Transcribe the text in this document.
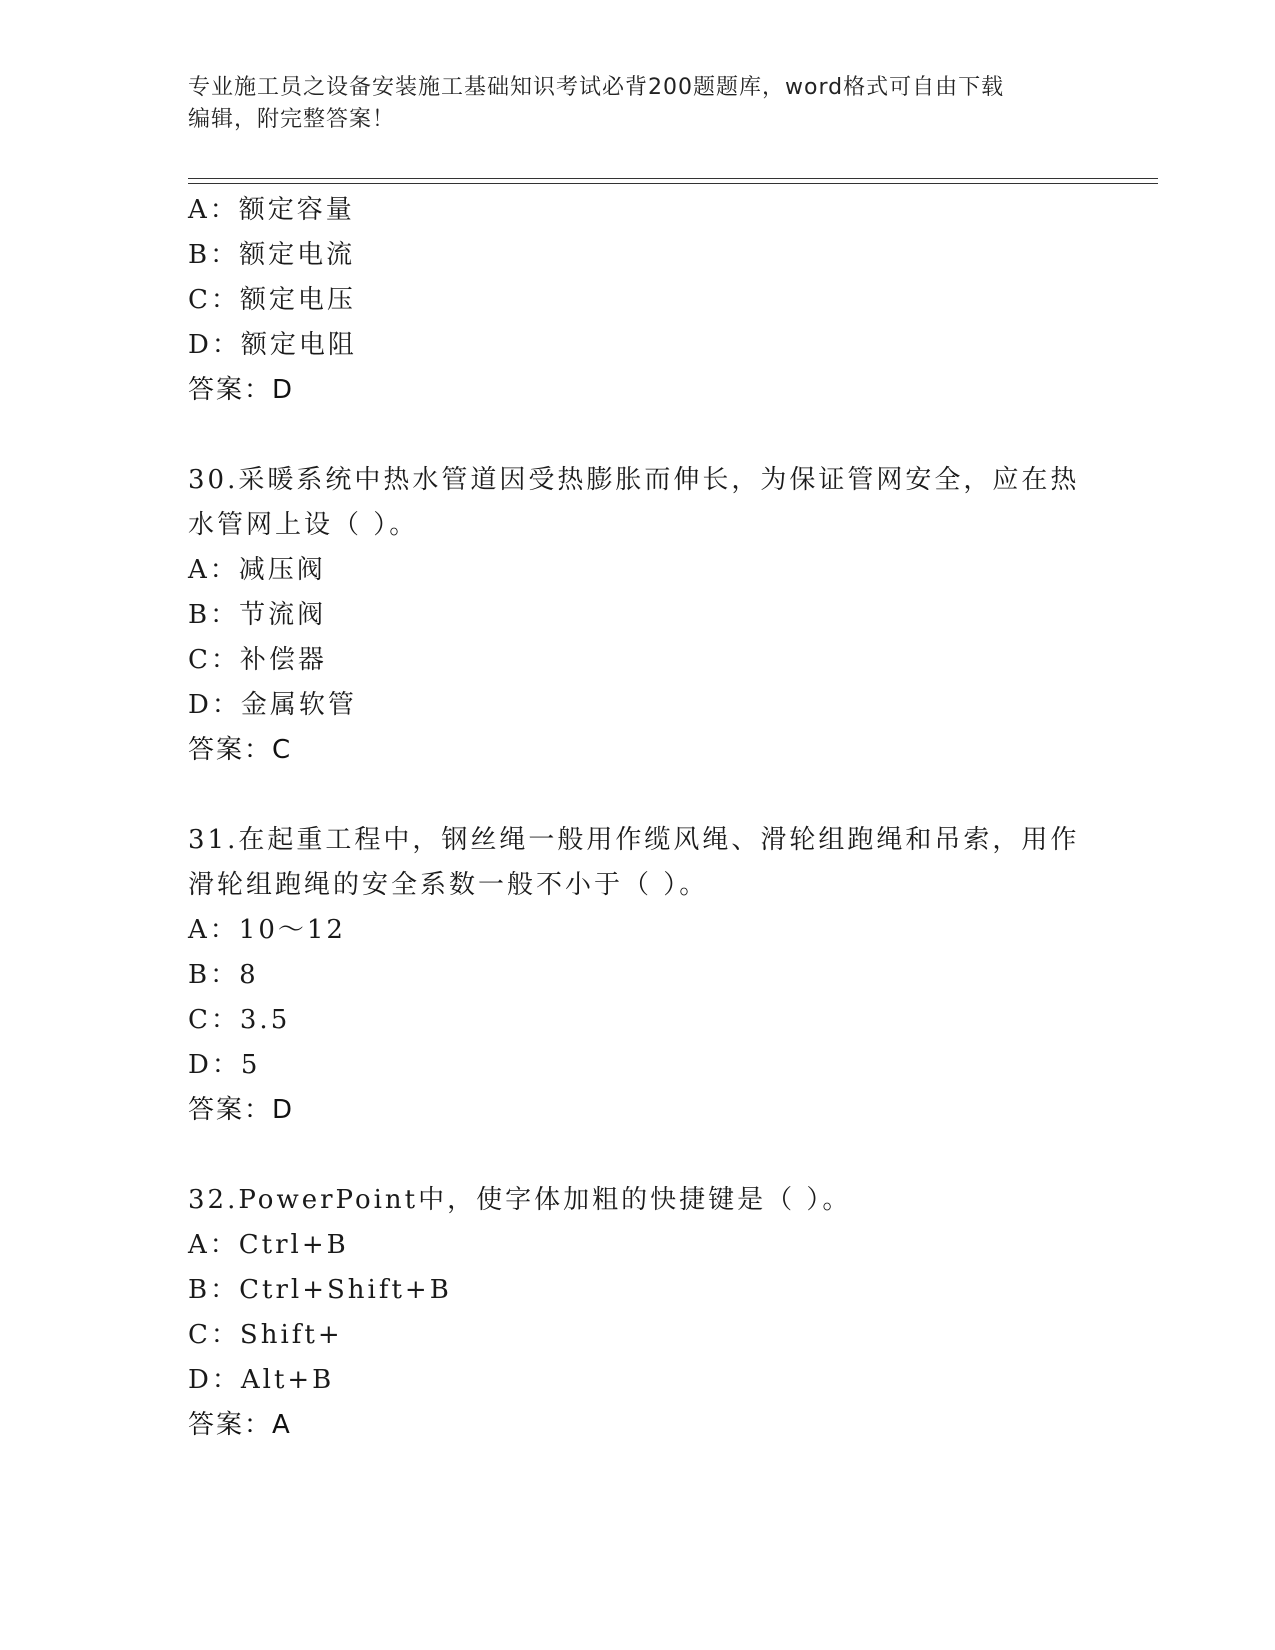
专业施工员之设备安装施工基础知识考试必背200题题库，word格式可自由下载
编辑，附完整答案！
A：额定容量
B：额定电流
C：额定电压
D：额定电阻
答案：D
30.采暖系统中热水管道因受热膨胀而伸长，为保证管网安全，应在热
水管网上设（ ）。
A：减压阀
B：节流阀
C：补偿器
D：金属软管
答案：C
31.在起重工程中，钢丝绳一般用作缆风绳、滑轮组跑绳和吊索，用作
滑轮组跑绳的安全系数一般不小于（ ）。
A：10～12
B：8
C：3.5
D：5
答案：D
32.PowerPoint中，使字体加粗的快捷键是（ ）。
A：Ctrl+B
B：Ctrl+Shift+B
C：Shift+
D：Alt+B
答案：A
